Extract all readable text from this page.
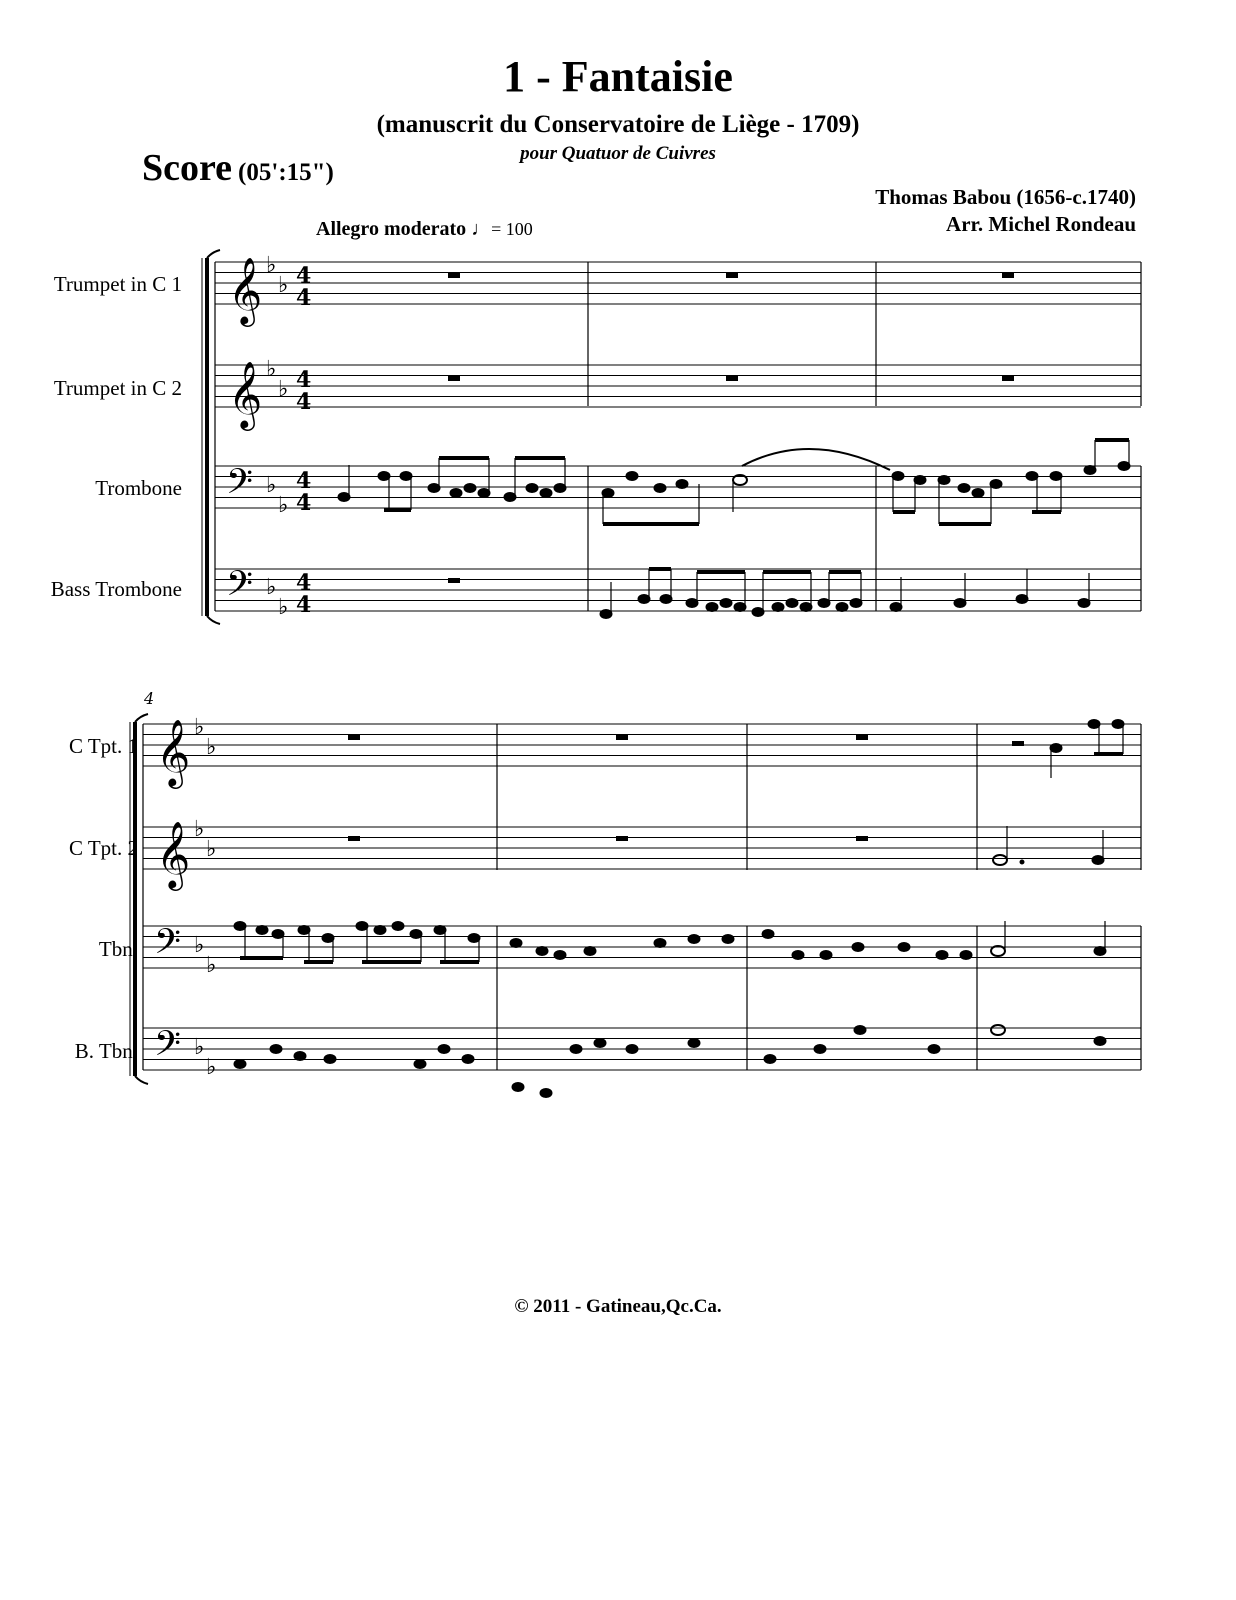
1 - Fantaisie
(manuscrit du Conservatoire de Liège - 1709)
pour Quatuor de Cuivres
Score (05':15")
Thomas Babou (1656-c.1740)
Arr. Michel Rondeau
Allegro moderato ♩= 100
Trumpet in C 1
Trumpet in C 2
Trombone
Bass Trombone
C Tpt. 1
C Tpt. 2
Tbn.
B. Tbn.
4
𝄞
𝄞
𝄢
𝄢
♭
♭
♭
♭
♭
♭
♭
♭
4
4
4
4
4
4
4
4
𝄞
𝄞
𝄢
𝄢
♭
♭
♭
♭
♭
♭
♭
♭
© 2011 - Gatineau,Qc.Ca.
